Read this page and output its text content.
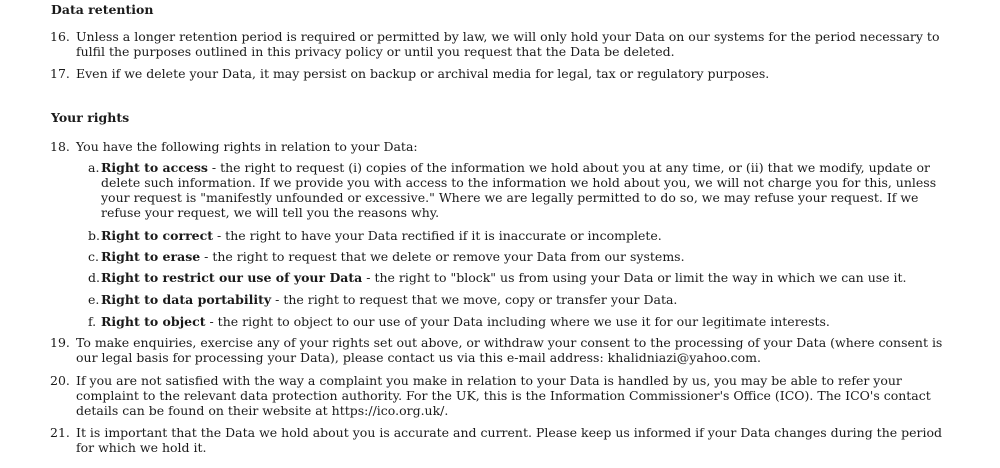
Data retention
16. Unless a longer retention period is required or permitted by law, we will only hold your Data on our systems for the period necessary to fulfil the purposes outlined in this privacy policy or until you request that the Data be deleted.
17. Even if we delete your Data, it may persist on backup or archival media for legal, tax or regulatory purposes.
Your rights
18. You have the following rights in relation to your Data:
a. Right to access - the right to request (i) copies of the information we hold about you at any time, or (ii) that we modify, update or delete such information. If we provide you with access to the information we hold about you, we will not charge you for this, unless your request is "manifestly unfounded or excessive." Where we are legally permitted to do so, we may refuse your request. If we refuse your request, we will tell you the reasons why.
b. Right to correct - the right to have your Data rectified if it is inaccurate or incomplete.
c. Right to erase - the right to request that we delete or remove your Data from our systems.
d. Right to restrict our use of your Data - the right to "block" us from using your Data or limit the way in which we can use it.
e. Right to data portability - the right to request that we move, copy or transfer your Data.
f. Right to object - the right to object to our use of your Data including where we use it for our legitimate interests.
19. To make enquiries, exercise any of your rights set out above, or withdraw your consent to the processing of your Data (where consent is our legal basis for processing your Data), please contact us via this e-mail address: khalidniazi@yahoo.com.
20. If you are not satisfied with the way a complaint you make in relation to your Data is handled by us, you may be able to refer your complaint to the relevant data protection authority. For the UK, this is the Information Commissioner's Office (ICO). The ICO's contact details can be found on their website at https://ico.org.uk/.
21. It is important that the Data we hold about you is accurate and current. Please keep us informed if your Data changes during the period for which we hold it.
